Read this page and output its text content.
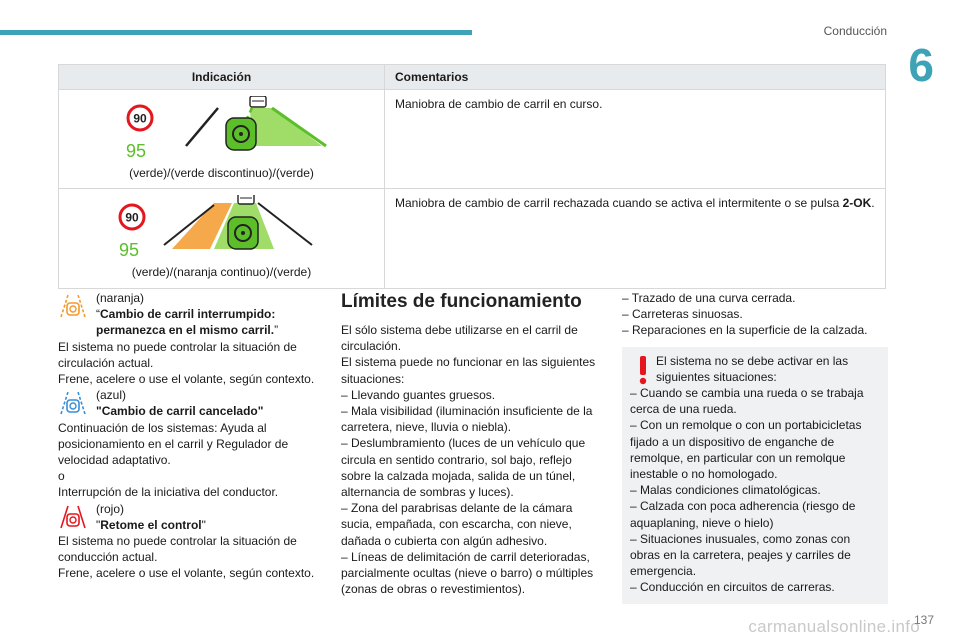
Conducción
6
Indicación	Comentarios

90
95
(verde)/(verde discontinuo)/(verde)	Maniobra de cambio de carril en curso.

90
95
(verde)/(naranja continuo)/(verde)	Maniobra de cambio de carril rechazada cuando se activa el intermitente o se pulsa 2-OK.
(naranja)
“Cambio de carril interrumpido: permanezca en el mismo carril.”

El sistema no puede controlar la situación de circulación actual.

Frene, acelere o use el volante, según contexto.

(azul)
"Cambio de carril cancelado"

Continuación de los sistemas: Ayuda al posicionamiento en el carril y Regulador de velocidad adaptativo.

o

Interrupción de la iniciativa del conductor.

(rojo)
"Retome el control"

El sistema no puede controlar la situación de conducción actual.

Frene, acelere o use el volante, según contexto.

Límites de funcionamiento

El sólo sistema debe utilizarse en el carril de circulación.

El sistema puede no funcionar en las siguientes situaciones:

– Llevando guantes gruesos.

– Mala visibilidad (iluminación insuficiente de la carretera, nieve, lluvia o niebla).

– Deslumbramiento (luces de un vehículo que circula en sentido contrario, sol bajo, reflejo sobre la calzada mojada, salida de un túnel, alternancia de sombras y luces).

– Zona del parabrisas delante de la cámara sucia, empañada, con escarcha, con nieve, dañada o cubierta con algún adhesivo.

– Líneas de delimitación de carril deterioradas, parcialmente ocultas (nieve o barro) o múltiples (zonas de obras o revestimientos).

– Trazado de una curva cerrada.

– Carreteras sinuosas.

– Reparaciones en la superficie de la calzada.

El sistema no se debe activar en las siguientes situaciones:

– Cuando se cambia una rueda o se trabaja cerca de una rueda.

– Con un remolque o con un portabicicletas fijado a un dispositivo de enganche de remolque, en particular con un remolque inestable o no homologado.

– Malas condiciones climatológicas.

– Calzada con poca adherencia (riesgo de aquaplaning, nieve o hielo)

– Situaciones inusuales, como zonas con obras en la carretera, peajes y carriles de emergencia.

– Conducción en circuitos de carreras.

carmanualsonline.info
137
